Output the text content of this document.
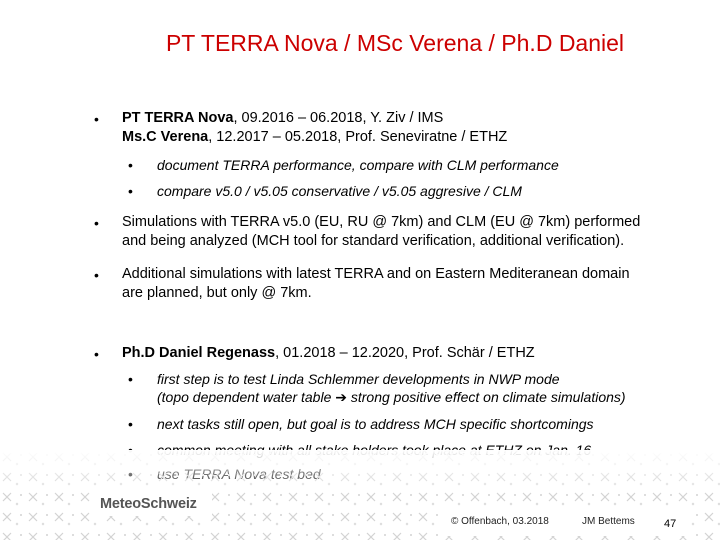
PT TERRA Nova / MSc Verena / Ph.D Daniel
• PT TERRA Nova, 09.2016 – 06.2018, Y. Ziv / IMS
Ms.C Verena, 12.2017 – 05.2018, Prof. Seneviratne / ETHZ
• document TERRA performance, compare with CLM performance
• compare v5.0 / v5.05 conservative / v5.05 aggresive / CLM
• Simulations with TERRA v5.0 (EU, RU @ 7km) and CLM (EU @ 7km) performed
and being analyzed (MCH tool for standard verification, additional verification).
• Additional simulations with latest TERRA and on Eastern Mediteranean domain
are planned, but only @ 7km.
• Ph.D Daniel Regenass, 01.2018 – 12.2020, Prof. Schär / ETHZ
• first step is to test Linda Schlemmer developments in NWP mode
(topo dependent water table ➔ strong positive effect on climate simulations)
• next tasks still open, but goal is to address MCH specific shortcomings
MeteoSchweiz
© Offenbach, 03.2018	JM Bettems	47
